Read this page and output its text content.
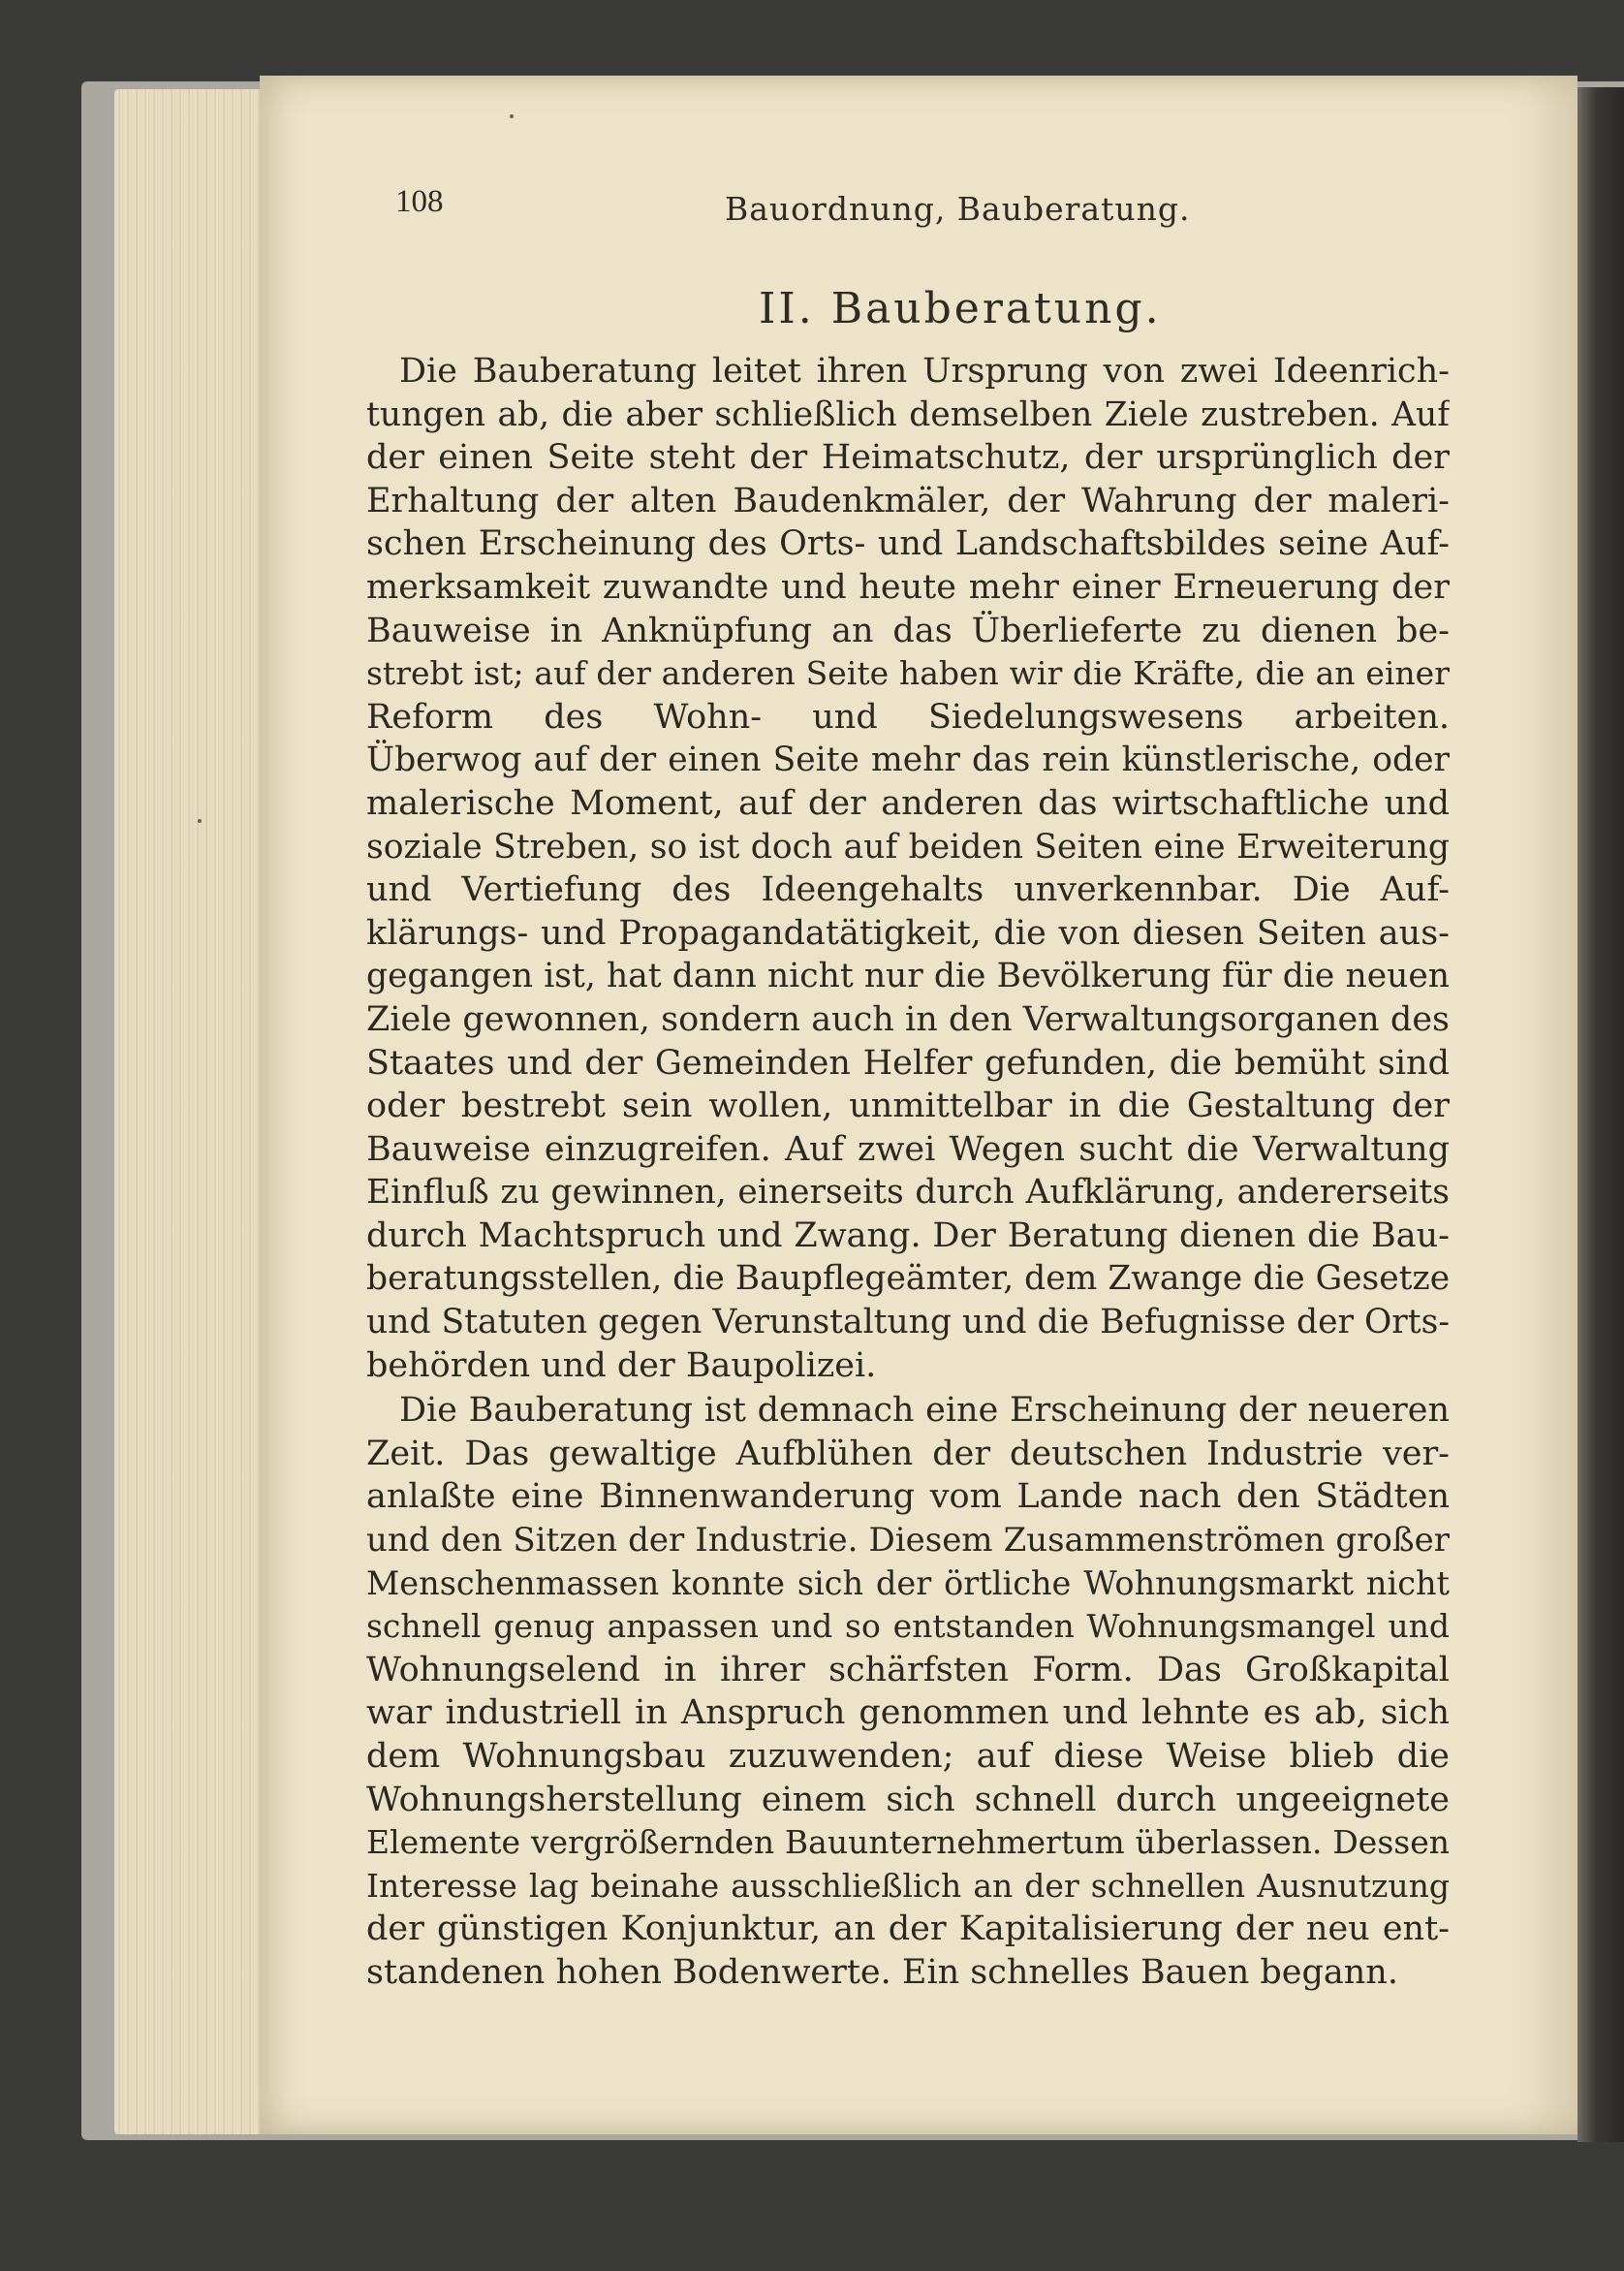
108	Bauordnung, Bauberatung.
II. Bauberatung.
Die Bauberatung leitet ihren Ursprung von zwei Ideenrich-
tungen ab, die aber schließlich demselben Ziele zustreben. Auf
der einen Seite steht der Heimatschutz, der ursprünglich der
Erhaltung der alten Baudenkmäler, der Wahrung der maleri-
schen Erscheinung des Orts- und Landschaftsbildes seine Auf-
merksamkeit zuwandte und heute mehr einer Erneuerung der
Bauweise in Anknüpfung an das Überlieferte zu dienen be-
strebt ist; auf der anderen Seite haben wir die Kräfte, die an einer
Reform des Wohn- und Siedelungswesens arbeiten.
Überwog auf der einen Seite mehr das rein künstlerische, oder
malerische Moment, auf der anderen das wirtschaftliche und
soziale Streben, so ist doch auf beiden Seiten eine Erweiterung
und Vertiefung des Ideengehalts unverkennbar. Die Auf-
klärungs- und Propagandatätigkeit, die von diesen Seiten aus-
gegangen ist, hat dann nicht nur die Bevölkerung für die neuen
Ziele gewonnen, sondern auch in den Verwaltungsorganen des
Staates und der Gemeinden Helfer gefunden, die bemüht sind
oder bestrebt sein wollen, unmittelbar in die Gestaltung der
Bauweise einzugreifen. Auf zwei Wegen sucht die Verwaltung
Einfluß zu gewinnen, einerseits durch Aufklärung, andererseits
durch Machtspruch und Zwang. Der Beratung dienen die Bau-
beratungsstellen, die Baupflegeämter, dem Zwange die Gesetze
und Statuten gegen Verunstaltung und die Befugnisse der Orts-
behörden und der Baupolizei.
Die Bauberatung ist demnach eine Erscheinung der neueren
Zeit. Das gewaltige Aufblühen der deutschen Industrie ver-
anlaßte eine Binnenwanderung vom Lande nach den Städten
und den Sitzen der Industrie. Diesem Zusammenströmen großer
Menschenmassen konnte sich der örtliche Wohnungsmarkt nicht
schnell genug anpassen und so entstanden Wohnungsmangel und
Wohnungselend in ihrer schärfsten Form. Das Großkapital
war industriell in Anspruch genommen und lehnte es ab, sich
dem Wohnungsbau zuzuwenden; auf diese Weise blieb die
Wohnungsherstellung einem sich schnell durch ungeeignete
Elemente vergrößernden Bauunternehmertum überlassen. Dessen
Interesse lag beinahe ausschließlich an der schnellen Ausnutzung
der günstigen Konjunktur, an der Kapitalisierung der neu ent-
standenen hohen Bodenwerte. Ein schnelles Bauen begann.
